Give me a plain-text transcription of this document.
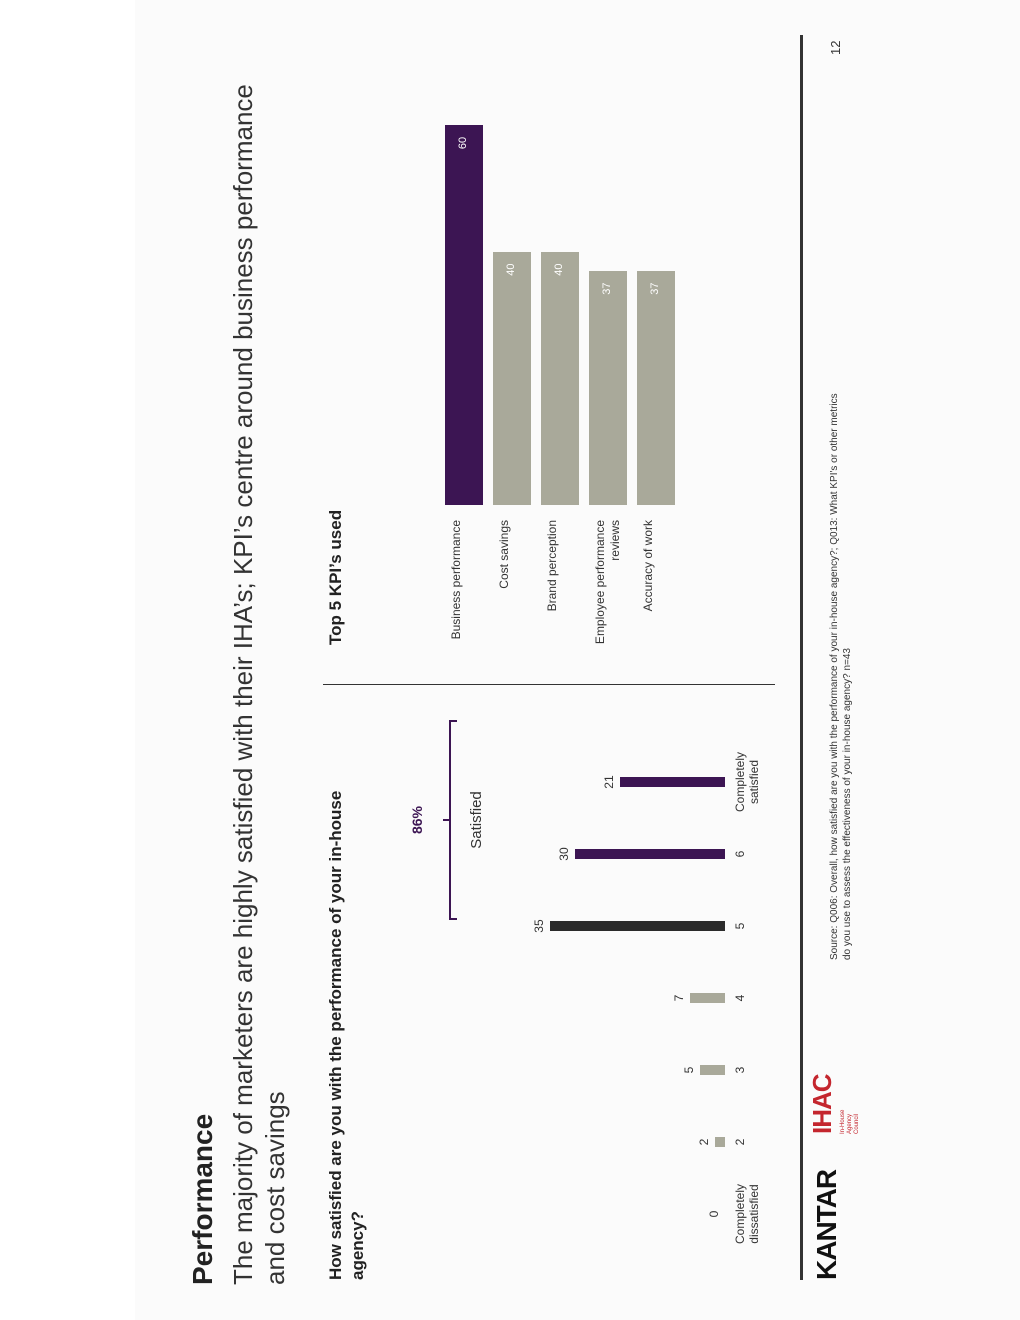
Performance The majority of marketers are highly satisfied with their IHA’s; KPI’s centre around business performance and cost savings How satisfied are you with the performance of your in-house agency?
86%	Satisfied
0 Completely dissatisfied
2 2
5	3
7	4
35	5
30	6
21	Completely satisfied
Top 5 KPI’s used	Business performance
60
Cost savings
40
Brand perception
40
Employee performance reviews
37
Accuracy of work
37
KANTAR
IHAC In-House Agency Council
Source: Q006: Overall, how satisfied are you with the performance of your in-house agency?; Q013: What KPI's or other metrics do you use to assess the effectiveness of your in-house agency? n=43
12
